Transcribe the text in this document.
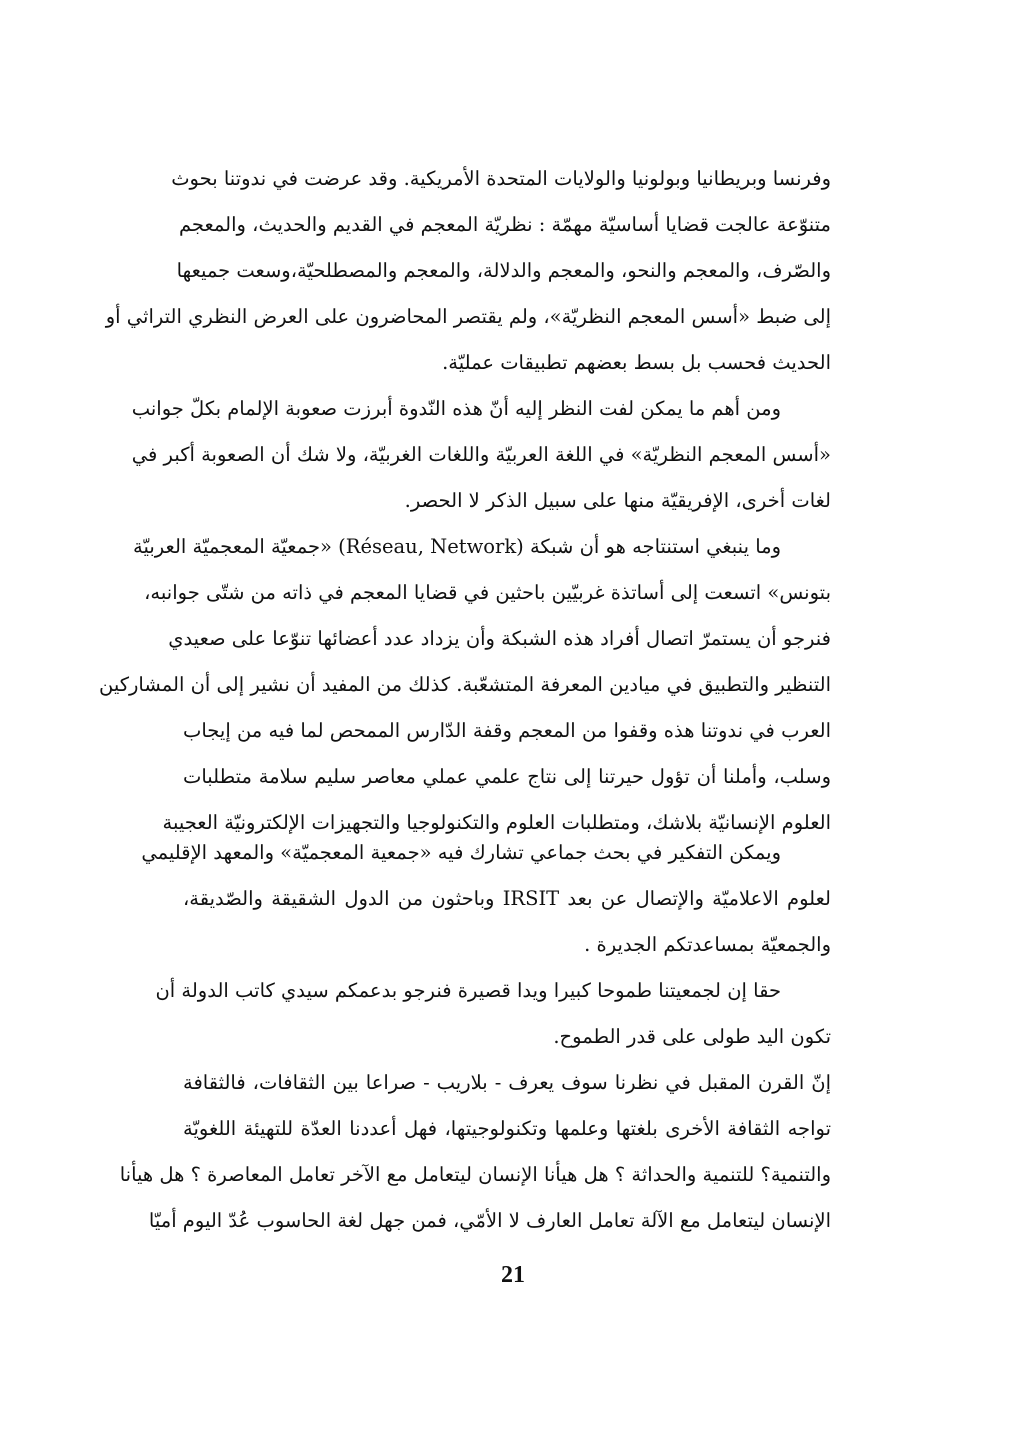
وفرنسا وبريطانيا وبولونيا والولايات المتحدة الأمريكية. وقد عرضت في ندوتنا بحوث
متنوّعة عالجت قضايا أساسيّة مهمّة : نظريّة المعجم في القديم والحديث، والمعجم
والصّرف، والمعجم والنحو، والمعجم والدلالة، والمعجم والمصطلحيّة،وسعت جميعها
إلى ضبط «أسس المعجم النظريّة»، ولم يقتصر المحاضرون على العرض النظري التراثي أو
الحديث فحسب بل بسط بعضهم تطبيقات عمليّة.
ومن أهم ما يمكن لفت النظر إليه أنّ هذه النّدوة أبرزت صعوبة الإلمام بكلّ جوانب
«أسس المعجم النظريّة» في اللغة العربيّة واللغات الغربيّة، ولا شك أن الصعوبة أكبر في
لغات أخرى، الإفريقيّة منها على سبيل الذكر لا الحصر.
وما ينبغي استنتاجه هو أن شبكة (Réseau, Network) «جمعيّة المعجميّة العربيّة
بتونس» اتسعت إلى أساتذة غربيّين باحثين في قضايا المعجم في ذاته من شتّى جوانبه،
فنرجو أن يستمرّ اتصال أفراد هذه الشبكة وأن يزداد عدد أعضائها تنوّعا على صعيدي
التنظير والتطبيق في ميادين المعرفة المتشعّبة. كذلك من المفيد أن نشير إلى أن المشاركين
العرب في ندوتنا هذه وقفوا من المعجم وقفة الدّارس الممحص لما فيه من إيجاب
وسلب، وأملنا أن تؤول حيرتنا إلى نتاج علمي عملي معاصر سليم سلامة متطلبات
العلوم الإنسانيّة بلاشك، ومتطلبات العلوم والتكنولوجيا والتجهيزات الإلكترونيّة العجيبة
ويمكن التفكير في بحث جماعي تشارك فيه «جمعية المعجميّة» والمعهد الإقليمي
لعلوم الاعلاميّة والإتصال عن بعد IRSIT وباحثون من الدول الشقيقة والصّديقة،
والجمعيّة بمساعدتكم الجديرة .
حقا إن لجمعيتنا طموحا كبيرا ويدا قصيرة فنرجو بدعمكم سيدي كاتب الدولة أن
تكون اليد طولى على قدر الطموح.
إنّ القرن المقبل في نظرنا سوف يعرف - بلاريب - صراعا بين الثقافات، فالثقافة
تواجه الثقافة الأخرى بلغتها وعلمها وتكنولوجيتها، فهل أعددنا العدّة للتهيئة اللغويّة
والتنمية؟ للتنمية والحداثة ؟ هل هيأنا الإنسان ليتعامل مع الآخر تعامل المعاصرة ؟ هل هيأنا
الإنسان ليتعامل مع الآلة تعامل العارف لا الأمّي، فمن جهل لغة الحاسوب عُدّ اليوم أميّا
21
